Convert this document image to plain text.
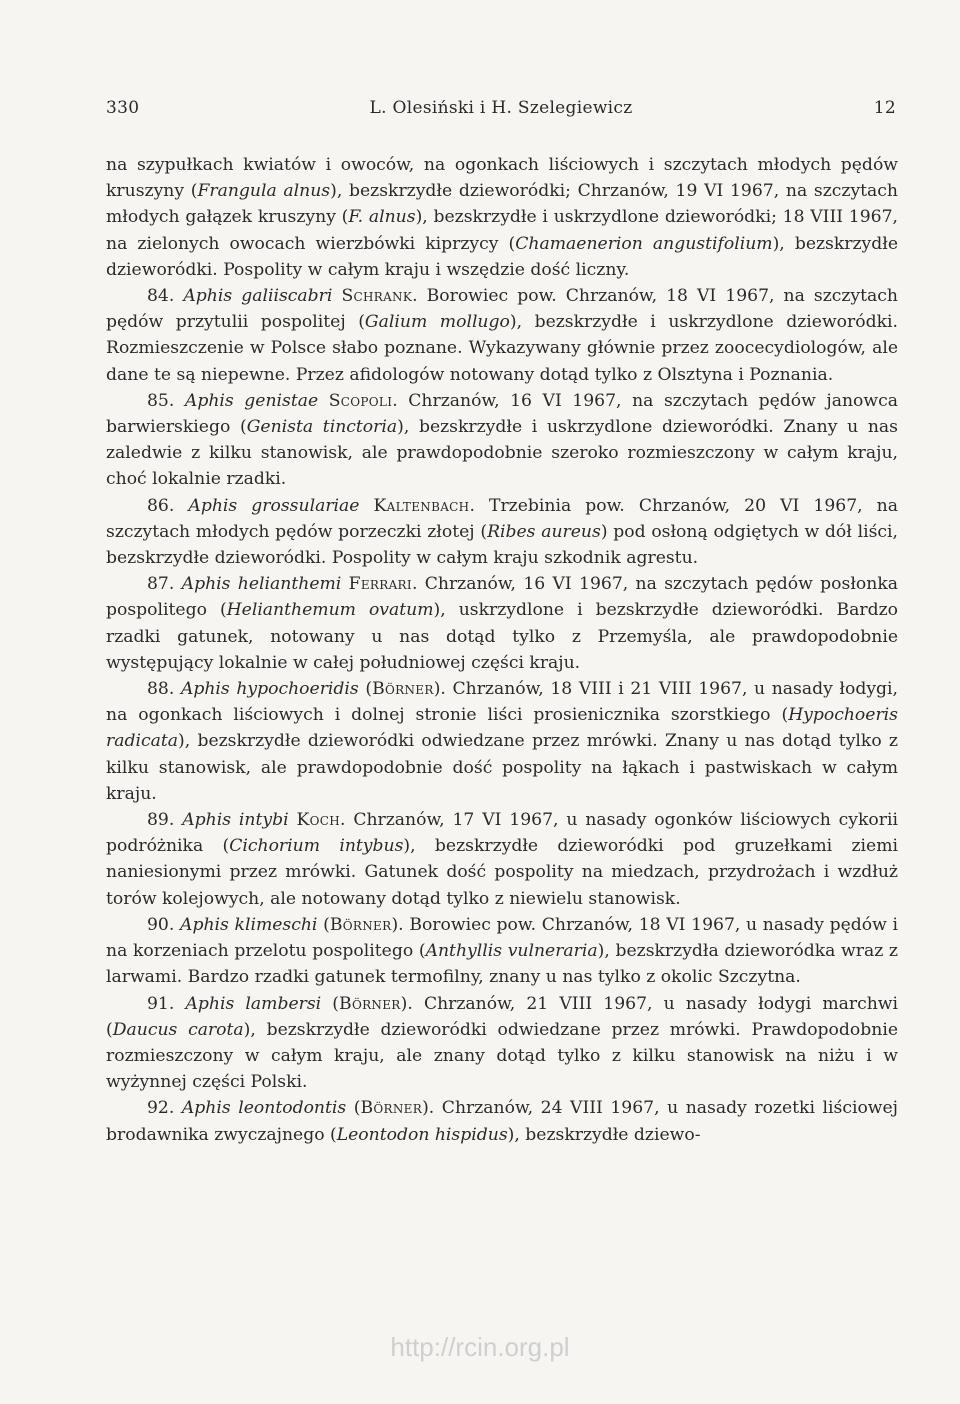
330	L. Olesiński i H. Szelegiewicz	12

na szypułkach kwiatów i owoców, na ogonkach liściowych i szczytach młodych pędów kruszyny (Frangula alnus), bezskrzydłe dzieworódki; Chrzanów, 19 VI 1967, na szczytach młodych gałązek kruszyny (F. alnus), bezskrzydłe i uskrzydlone dzieworódki; 18 VIII 1967, na zielonych owocach wierzbówki kiprzycy (Chamaenerion angustifolium), bezskrzydłe dzieworódki. Pospolity w całym kraju i wszędzie dość liczny.

84. Aphis galiiscabri Schrank. Borowiec pow. Chrzanów, 18 VI 1967, na szczytach pędów przytulii pospolitej (Galium mollugo), bezskrzydłe i uskrzydlone dzieworódki. Rozmieszczenie w Polsce słabo poznane. Wykazywany głównie przez zoocecydiologów, ale dane te są niepewne. Przez afidologów notowany dotąd tylko z Olsztyna i Poznania.

85. Aphis genistae Scopoli. Chrzanów, 16 VI 1967, na szczytach pędów janowca barwierskiego (Genista tinctoria), bezskrzydłe i uskrzydlone dzieworódki. Znany u nas zaledwie z kilku stanowisk, ale prawdopodobnie szeroko rozmieszczony w całym kraju, choć lokalnie rzadki.

86. Aphis grossulariae Kaltenbach. Trzebinia pow. Chrzanów, 20 VI 1967, na szczytach młodych pędów porzeczki złotej (Ribes aureus) pod osłoną odgiętych w dół liści, bezskrzydłe dzieworódki. Pospolity w całym kraju szkodnik agrestu.

87. Aphis helianthemi Ferrari. Chrzanów, 16 VI 1967, na szczytach pędów posłonka pospolitego (Helianthemum ovatum), uskrzydlone i bezskrzydłe dzieworódki. Bardzo rzadki gatunek, notowany u nas dotąd tylko z Przemyśla, ale prawdopodobnie występujący lokalnie w całej południowej części kraju.

88. Aphis hypochoeridis (Börner). Chrzanów, 18 VIII i 21 VIII 1967, u nasady łodygi, na ogonkach liściowych i dolnej stronie liści prosienicznika szorstkiego (Hypochoeris radicata), bezskrzydłe dzieworódki odwiedzane przez mrówki. Znany u nas dotąd tylko z kilku stanowisk, ale prawdopodobnie dość pospolity na łąkach i pastwiskach w całym kraju.

89. Aphis intybi Koch. Chrzanów, 17 VI 1967, u nasady ogonków liściowych cykorii podróżnika (Cichorium intybus), bezskrzydłe dzieworódki pod gruzełkami ziemi naniesionymi przez mrówki. Gatunek dość pospolity na miedzach, przydrożach i wzdłuż torów kolejowych, ale notowany dotąd tylko z niewielu stanowisk.

90. Aphis klimeschi (Börner). Borowiec pow. Chrzanów, 18 VI 1967, u nasady pędów i na korzeniach przelotu pospolitego (Anthyllis vulneraria), bezskrzydła dzieworódka wraz z larwami. Bardzo rzadki gatunek termofilny, znany u nas tylko z okolic Szczytna.

91. Aphis lambersi (Börner). Chrzanów, 21 VIII 1967, u nasady łodygi marchwi (Daucus carota), bezskrzydłe dzieworódki odwiedzane przez mrówki. Prawdopodobnie rozmieszczony w całym kraju, ale znany dotąd tylko z kilku stanowisk na niżu i w wyżynnej części Polski.

92. Aphis leontodontis (Börner). Chrzanów, 24 VIII 1967, u nasady rozetki liściowej brodawnika zwyczajnego (Leontodon hispidus), bezskrzydłe dziewo-

http://rcin.org.pl
